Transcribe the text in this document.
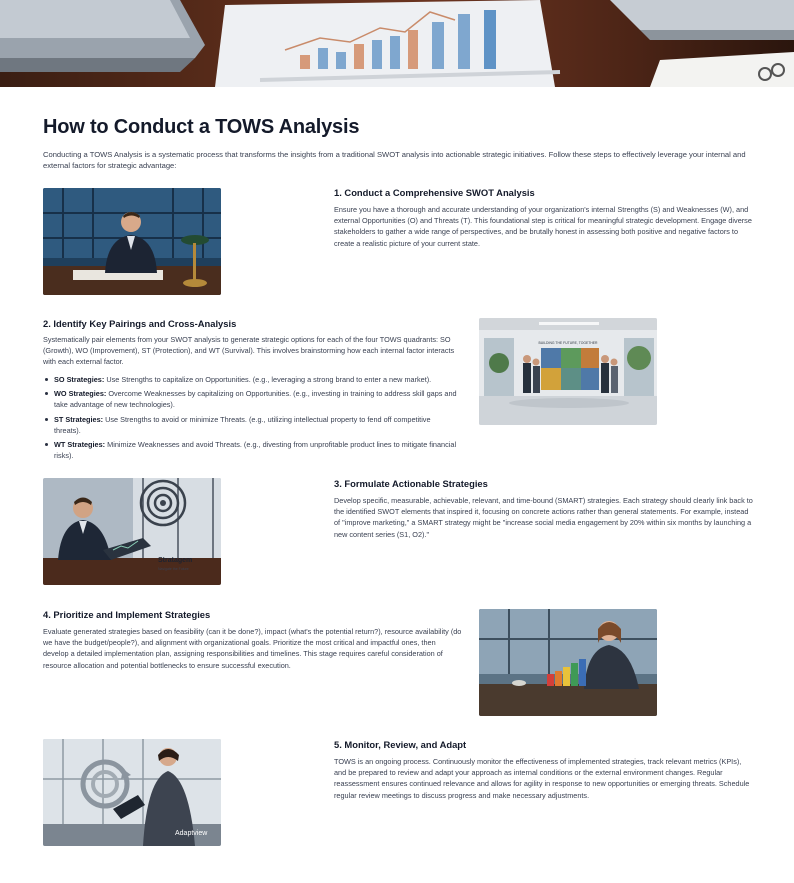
How to Conduct a TOWS Analysis

Conducting a TOWS Analysis is a systematic process that transforms the insights from a traditional SWOT analysis into actionable strategic initiatives. Follow these steps to effectively leverage your internal and external factors for strategic advantage:

1. Conduct a Comprehensive SWOT Analysis

Ensure you have a thorough and accurate understanding of your organization's internal Strengths (S) and Weaknesses (W), and external Opportunities (O) and Threats (T). This foundational step is critical for meaningful strategic development. Engage diverse stakeholders to gather a wide range of perspectives, and be brutally honest in assessing both positive and negative factors to create a realistic picture of your current state.

2. Identify Key Pairings and Cross-Analysis

Systematically pair elements from your SWOT analysis to generate strategic options for each of the four TOWS quadrants: SO (Growth), WO (Improvement), ST (Protection), and WT (Survival). This involves brainstorming how each internal factor interacts with each external factor.

SO Strategies: Use Strengths to capitalize on Opportunities. (e.g., leveraging a strong brand to enter a new market).
WO Strategies: Overcome Weaknesses by capitalizing on Opportunities. (e.g., investing in training to address skill gaps and take advantage of new technologies).
ST Strategies: Use Strengths to avoid or minimize Threats. (e.g., utilizing intellectual property to fend off competitive threats).
WT Strategies: Minimize Weaknesses and avoid Threats. (e.g., divesting from unprofitable product lines to mitigate financial risks).
BUILDING THE FUTURE, TOGETHER
Stratagem
Navigate the Future
3. Formulate Actionable Strategies

Develop specific, measurable, achievable, relevant, and time-bound (SMART) strategies. Each strategy should clearly link back to the identified SWOT elements that inspired it, focusing on concrete actions rather than general statements. For example, instead of "improve marketing," a SMART strategy might be "increase social media engagement by 20% within six months by launching a new content series (S1, O2)."

4. Prioritize and Implement Strategies

Evaluate generated strategies based on feasibility (can it be done?), impact (what's the potential return?), resource availability (do we have the budget/people?), and alignment with organizational goals. Prioritize the most critical and impactful ones, then develop a detailed implementation plan, assigning responsibilities and timelines. This stage requires careful consideration of resource allocation and potential bottlenecks to ensure successful execution.

Adaptview
5. Monitor, Review, and Adapt

TOWS is an ongoing process. Continuously monitor the effectiveness of implemented strategies, track relevant metrics (KPIs), and be prepared to review and adapt your approach as internal conditions or the external environment changes. Regular reassessment ensures continued relevance and allows for agility in response to new opportunities or emerging threats. Schedule regular review meetings to discuss progress and make necessary adjustments.
